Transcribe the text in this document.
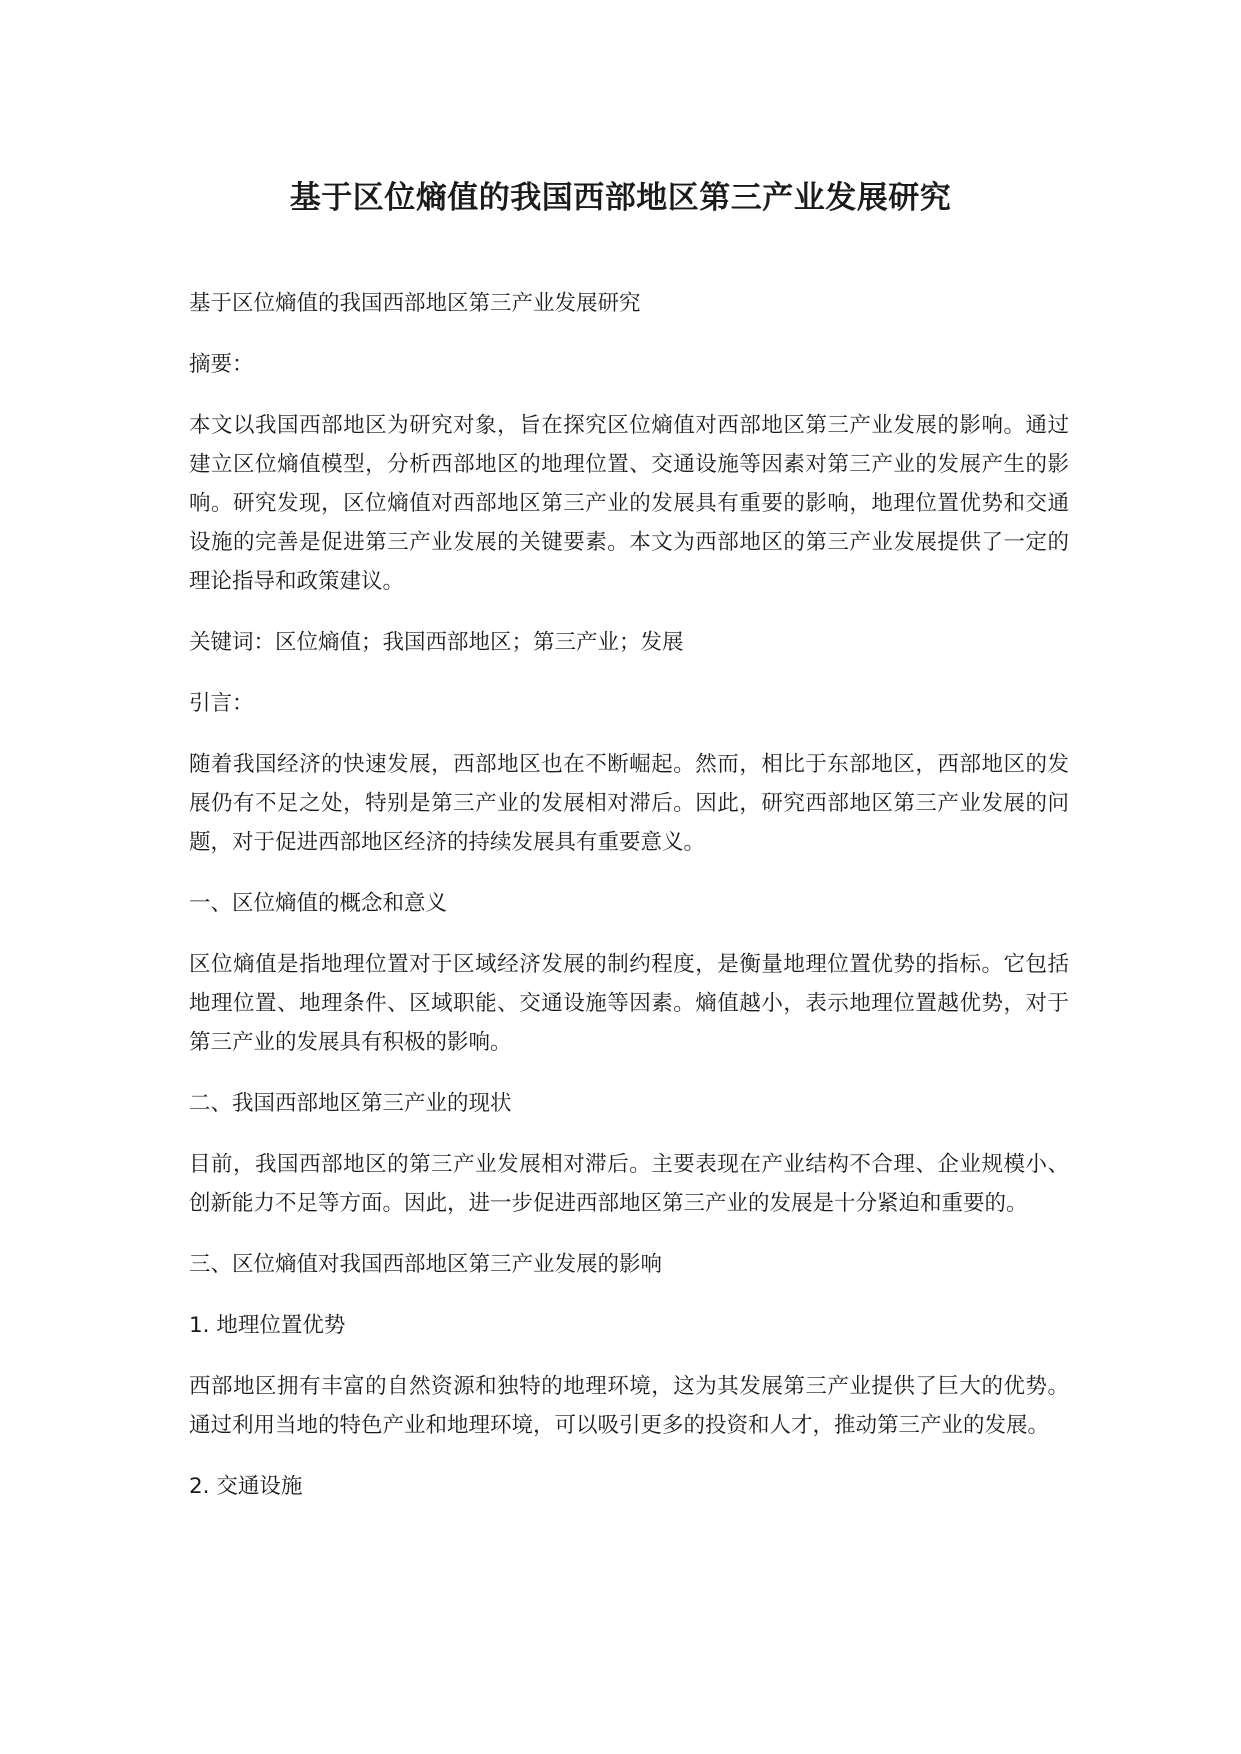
基于区位熵值的我国西部地区第三产业发展研究

基于区位熵值的我国西部地区第三产业发展研究

摘要：

本文以我国西部地区为研究对象，旨在探究区位熵值对西部地区第三产业发展的影响。通过建立区位熵值模型，分析西部地区的地理位置、交通设施等因素对第三产业的发展产生的影响。研究发现，区位熵值对西部地区第三产业的发展具有重要的影响，地理位置优势和交通设施的完善是促进第三产业发展的关键要素。本文为西部地区的第三产业发展提供了一定的理论指导和政策建议。

关键词：区位熵值；我国西部地区；第三产业；发展

引言：

随着我国经济的快速发展，西部地区也在不断崛起。然而，相比于东部地区，西部地区的发展仍有不足之处，特别是第三产业的发展相对滞后。因此，研究西部地区第三产业发展的问题，对于促进西部地区经济的持续发展具有重要意义。

一、区位熵值的概念和意义

区位熵值是指地理位置对于区域经济发展的制约程度，是衡量地理位置优势的指标。它包括地理位置、地理条件、区域职能、交通设施等因素。熵值越小，表示地理位置越优势，对于第三产业的发展具有积极的影响。

二、我国西部地区第三产业的现状

目前，我国西部地区的第三产业发展相对滞后。主要表现在产业结构不合理、企业规模小、创新能力不足等方面。因此，进一步促进西部地区第三产业的发展是十分紧迫和重要的。

三、区位熵值对我国西部地区第三产业发展的影响

1. 地理位置优势

西部地区拥有丰富的自然资源和独特的地理环境，这为其发展第三产业提供了巨大的优势。通过利用当地的特色产业和地理环境，可以吸引更多的投资和人才，推动第三产业的发展。

2. 交通设施
